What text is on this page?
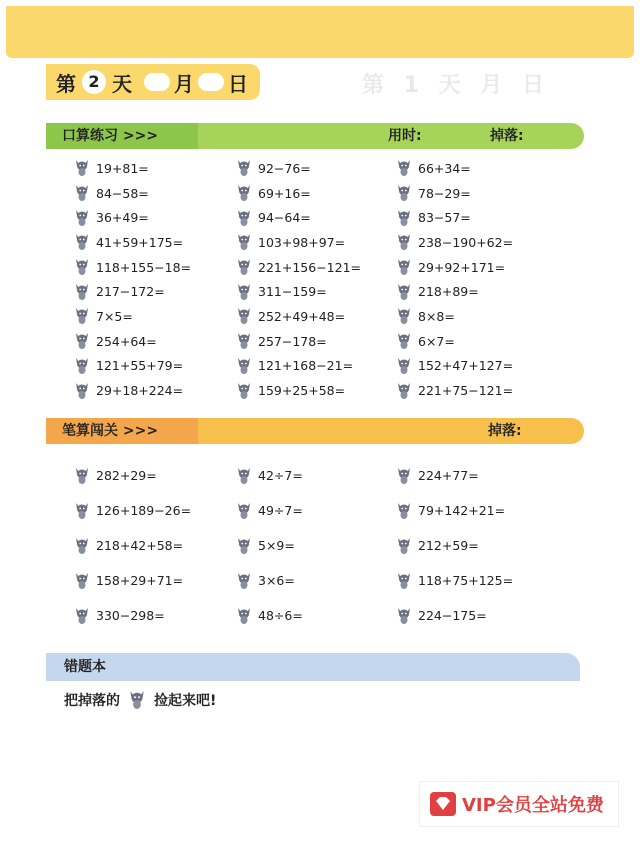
第 1 天 月 日
第 2 天 月 日
口算练习 >>>	用时:	掉落:
19+81=	92−76=	66+34=
84−58=	69+16=	78−29=
36+49=	94−64=	83−57=
41+59+175=	103+98+97=	238−190+62=
118+155−18=	221+156−121=	29+92+171=
217−172=	311−159=	218+89=
7×5=	252+49+48=	8×8=
254+64=	257−178=	6×7=
121+55+79=	121+168−21=	152+47+127=
29+18+224=	159+25+58=	221+75−121=
笔算闯关 >>>	掉落:
282+29=	42÷7=	224+77=
126+189−26=	49÷7=	79+142+21=
218+42+58=	5×9=	212+59=
158+29+71=	3×6=	118+75+125=
330−298=	48÷6=	224−175=
错题本
把掉落的 捡起来吧!
VIP会员全站免费
